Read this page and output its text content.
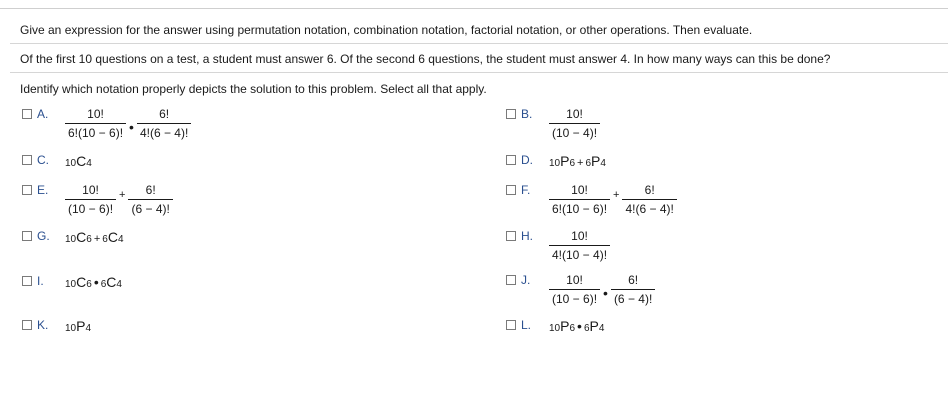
Give an expression for the answer using permutation notation, combination notation, factorial notation, or other operations. Then evaluate.
Of the first 10 questions on a test, a student must answer 6. Of the second 6 questions, the student must answer 4. In how many ways can this be done?
Identify which notation properly depicts the solution to this problem. Select all that apply.
A.	$\frac{10!}{6!(10 - 6)!}$ • $\frac{6!}{4!(6 - 4)!}$	B.	$\frac{10!}{(10 - 4)!}$
C.	10 C 4	D.	10 P 6 + 6 P 4
E.	$\frac{10!}{(10 - 6)!} + \frac{6!}{(6 - 4)!}$	F.	$\frac{10!}{6!(10 - 6)!} + \frac{6!}{4!(6 - 4)!}$
G.	10 C 6 + 6 C 4	H.	$\frac{10!}{4!(10 - 4)!}$
I.	10 C 6 • 6 C 4	J.	$\frac{10!}{(10 - 6)!}$ • $\frac{6!}{(6 - 4)!}$
K.	10 P 4	L.	10 P 6 • 6 P 4
